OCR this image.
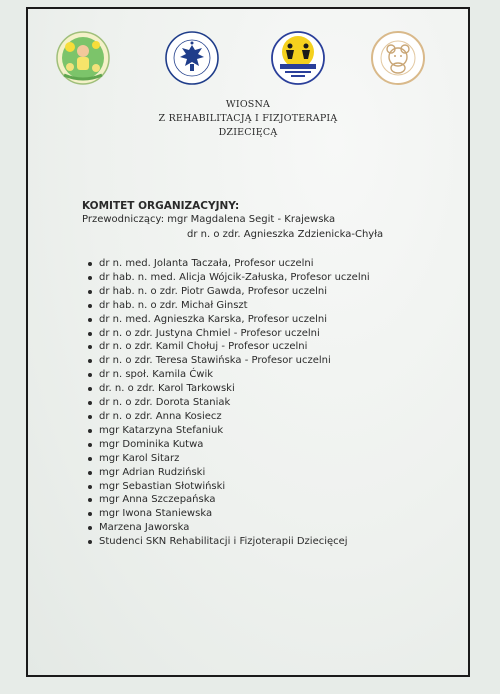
WIOSNA
Z REHABILITACJĄ I FIZJOTERAPIĄ
DZIECIĘCĄ
KOMITET ORGANIZACYJNY:
Przewodniczący: mgr Magdalena Segit - Krajewska
dr n. o zdr. Agnieszka Zdzienicka-Chyła
dr n. med. Jolanta Taczała, Profesor uczelni
dr hab. n. med. Alicja Wójcik-Załuska, Profesor uczelni
dr hab. n. o zdr. Piotr Gawda, Profesor uczelni
dr hab. n. o zdr. Michał Ginszt
dr n. med. Agnieszka Karska, Profesor uczelni
dr n. o zdr. Justyna Chmiel - Profesor uczelni
dr n. o zdr. Kamil Chołuj - Profesor uczelni
dr n. o zdr. Teresa Stawińska - Profesor uczelni
dr n. społ. Kamila Ćwik
dr. n. o zdr. Karol Tarkowski
dr n. o zdr. Dorota Staniak
dr n. o zdr. Anna Kosiecz
mgr Katarzyna Stefaniuk
mgr Dominika Kutwa
mgr Karol Sitarz
mgr Adrian Rudziński
mgr Sebastian Słotwiński
mgr Anna Szczepańska
mgr Iwona Staniewska
Marzena Jaworska
Studenci SKN Rehabilitacji i Fizjoterapii Dziecięcej
